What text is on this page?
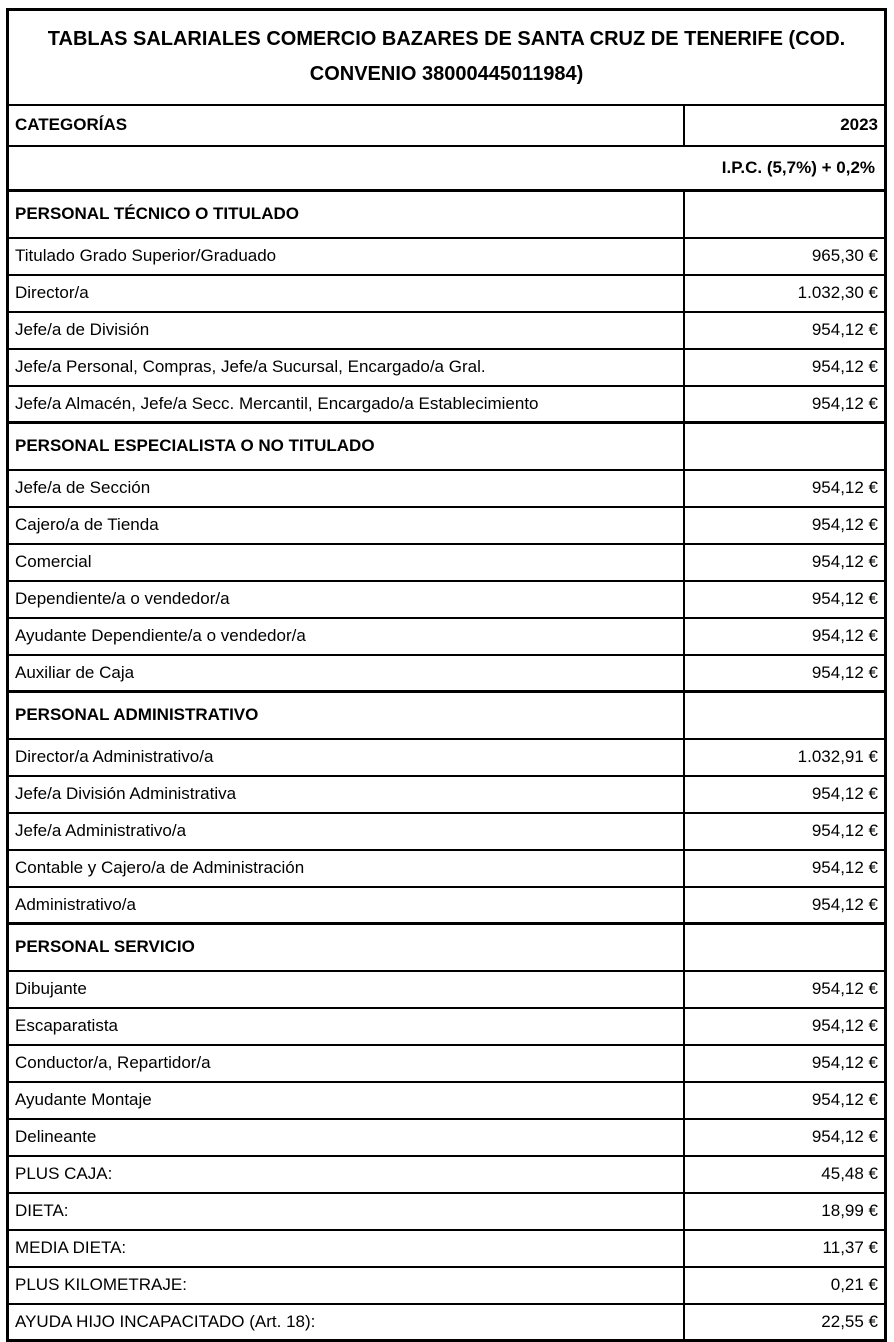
TABLAS SALARIALES COMERCIO BAZARES DE SANTA CRUZ DE TENERIFE (COD. CONVENIO 38000445011984)	
CATEGORÍAS	2023
I.P.C. (5,7%) + 0,2%	
PERSONAL TÉCNICO O TITULADO	
Titulado Grado Superior/Graduado	965,30 €
Director/a	1.032,30 €
Jefe/a de División	954,12 €
Jefe/a Personal, Compras, Jefe/a Sucursal, Encargado/a Gral.	954,12 €
Jefe/a Almacén, Jefe/a Secc. Mercantil, Encargado/a Establecimiento	954,12 €
PERSONAL ESPECIALISTA O NO TITULADO	
Jefe/a de Sección	954,12 €
Cajero/a de Tienda	954,12 €
Comercial	954,12 €
Dependiente/a o vendedor/a	954,12 €
Ayudante Dependiente/a o vendedor/a	954,12 €
Auxiliar de Caja	954,12 €
PERSONAL ADMINISTRATIVO	
Director/a Administrativo/a	1.032,91 €
Jefe/a División Administrativa	954,12 €
Jefe/a Administrativo/a	954,12 €
Contable y Cajero/a de Administración	954,12 €
Administrativo/a	954,12 €
PERSONAL SERVICIO	
Dibujante	954,12 €
Escaparatista	954,12 €
Conductor/a, Repartidor/a	954,12 €
Ayudante Montaje	954,12 €
Delineante	954,12 €
PLUS CAJA:	45,48 €
DIETA:	18,99 €
MEDIA DIETA:	11,37 €
PLUS KILOMETRAJE:	0,21 €
AYUDA HIJO INCAPACITADO (Art. 18):	22,55 €
